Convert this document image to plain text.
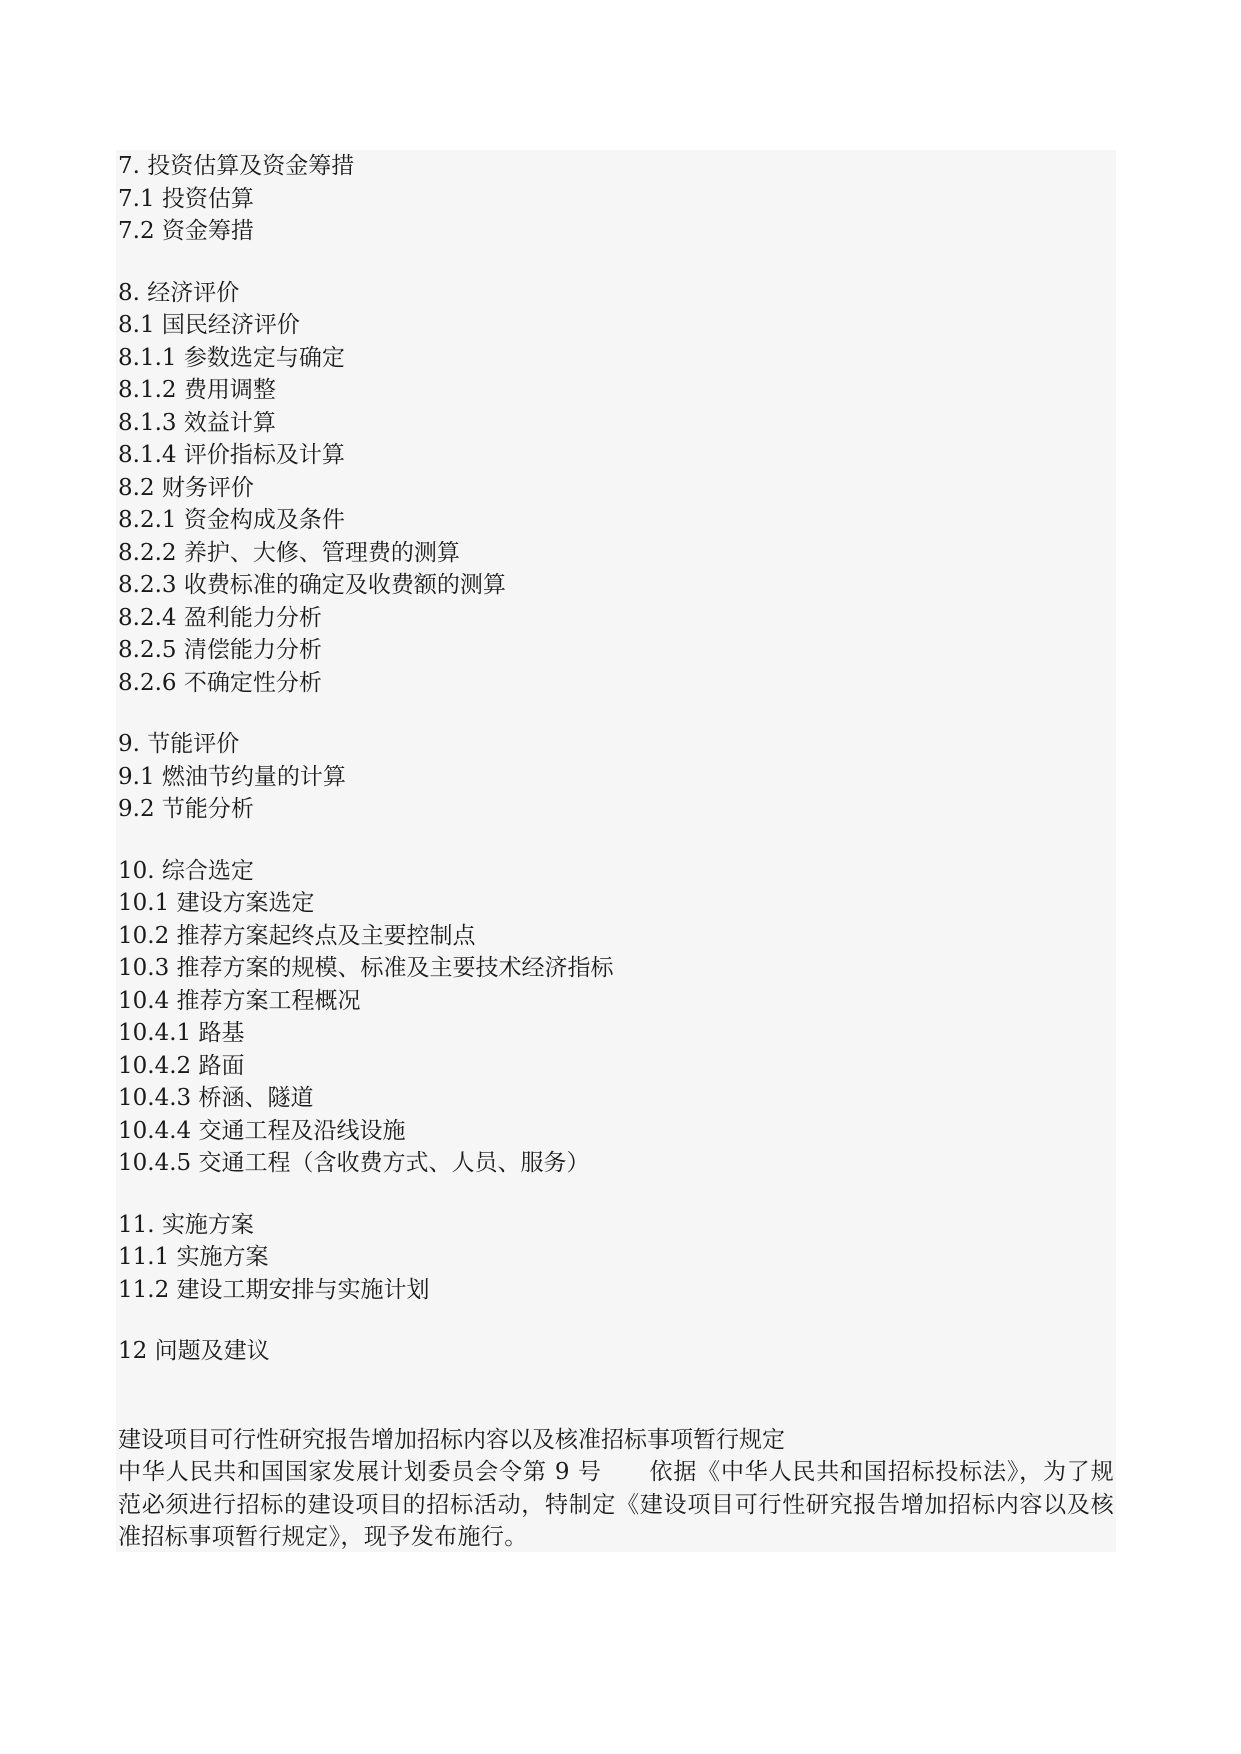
7. 投资估算及资金筹措
7.1 投资估算
7.2 资金筹措
8. 经济评价
8.1 国民经济评价
8.1.1 参数选定与确定
8.1.2 费用调整
8.1.3 效益计算
8.1.4 评价指标及计算
8.2 财务评价
8.2.1 资金构成及条件
8.2.2 养护、大修、管理费的测算
8.2.3 收费标准的确定及收费额的测算
8.2.4 盈利能力分析
8.2.5 清偿能力分析
8.2.6 不确定性分析
9. 节能评价
9.1 燃油节约量的计算
9.2 节能分析
10. 综合选定
10.1 建设方案选定
10.2 推荐方案起终点及主要控制点
10.3 推荐方案的规模、标准及主要技术经济指标
10.4 推荐方案工程概况
10.4.1 路基
10.4.2 路面
10.4.3 桥涵、隧道
10.4.4 交通工程及沿线设施
10.4.5 交通工程（含收费方式、人员、服务）
11. 实施方案
11.1 实施方案
11.2 建设工期安排与实施计划
12 问题及建议
建设项目可行性研究报告增加招标内容以及核准招标事项暂行规定
中华人民共和国国家发展计划委员会令第 9 号　　依据《中华人民共和国招标投标法》，为了规范必须进行招标的建设项目的招标活动，特制定《建设项目可行性研究报告增加招标内容以及核准招标事项暂行规定》，现予发布施行。
